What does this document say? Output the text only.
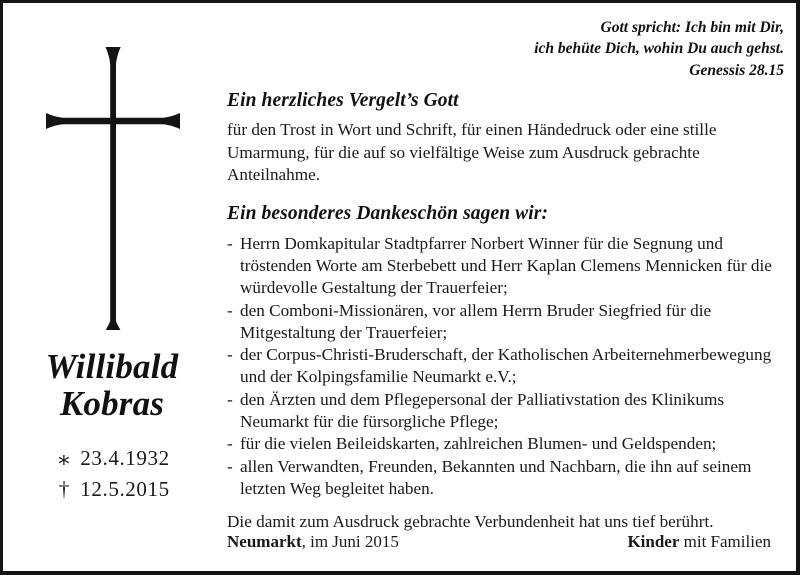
Willibald
Kobras
∗ 23.4.1932
† 12.5.2015
Gott spricht: Ich bin mit Dir,
ich behüte Dich, wohin Du auch gehst.
Genessis 28.15
Ein herzliches Vergelt’s Gott

für den Trost in Wort und Schrift, für einen Händedruck oder eine stille Umarmung, für die auf so vielfältige Weise zum Ausdruck gebrachte Anteilnahme.

Ein besonderes Dankeschön sagen wir:
- Herrn Domkapitular Stadtpfarrer Norbert Winner für die Segnung und tröstenden Worte am Sterbebett und Herr Kaplan Clemens Mennicken für die würdevolle Gestaltung der Trauerfeier;
- den Comboni-Missionären, vor allem Herrn Bruder Siegfried für die Mitgestaltung der Trauerfeier;
- der Corpus-Christi-Bruderschaft, der Katholischen Arbeiternehmerbewegung und der Kolpingsfamilie Neumarkt e.V.;
- den Ärzten und dem Pflegepersonal der Palliativstation des Klinikums Neumarkt für die fürsorgliche Pflege;
- für die vielen Beileidskarten, zahlreichen Blumen- und Geldspenden;
- allen Verwandten, Freunden, Bekannten und Nachbarn, die ihn auf seinem letzten Weg begleitet haben.
Die damit zum Ausdruck gebrachte Verbundenheit hat uns tief berührt.
Neumarkt, im Juni 2015	Kinder mit Familien
